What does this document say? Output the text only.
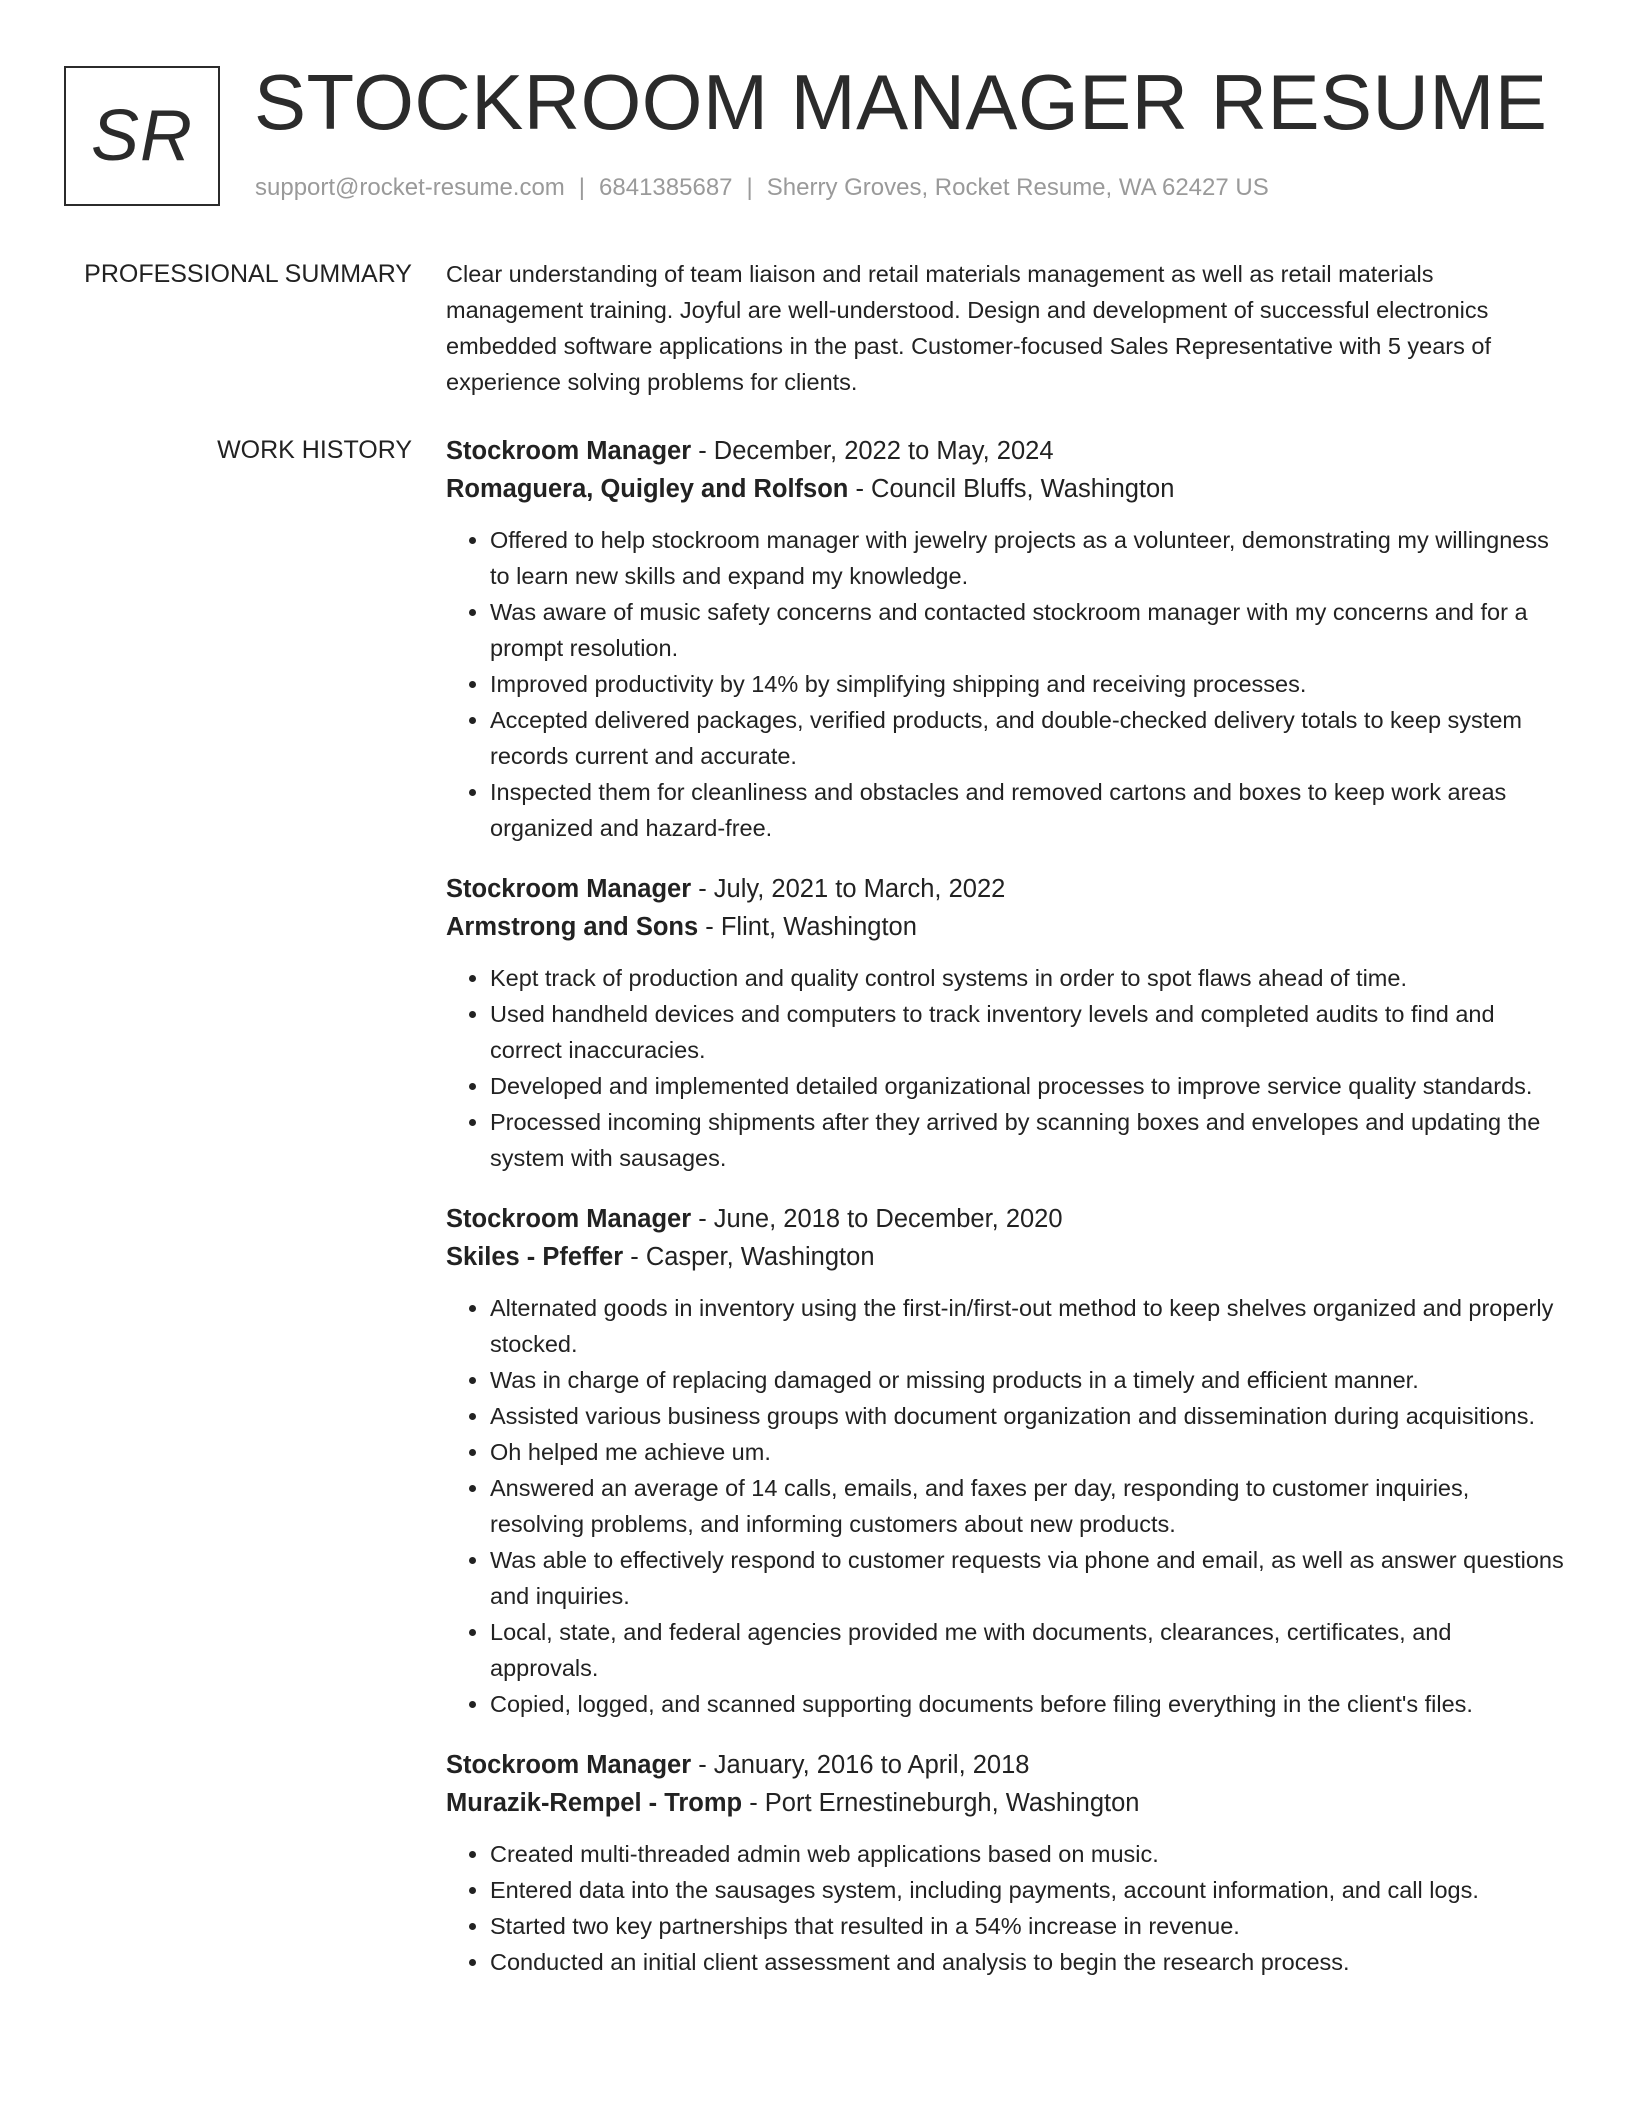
SR STOCKROOM MANAGER RESUME
support@rocket-resume.com | 6841385687 | Sherry Groves, Rocket Resume, WA 62427 US
PROFESSIONAL SUMMARY Clear understanding of team liaison and retail materials management as well as retail materials management training. Joyful are well-understood. Design and development of successful electronics embedded software applications in the past. Customer-focused Sales Representative with 5 years of experience solving problems for clients.

WORK HISTORY Stockroom Manager - December, 2022 to May, 2024
Romaguera, Quigley and Rolfson - Council Bluffs, Washington
• Offered to help stockroom manager with jewelry projects as a volunteer, demonstrating my willingness to learn new skills and expand my knowledge.
• Was aware of music safety concerns and contacted stockroom manager with my concerns and for a prompt resolution.
• Improved productivity by 14% by simplifying shipping and receiving processes.
• Accepted delivered packages, verified products, and double-checked delivery totals to keep system records current and accurate.
• Inspected them for cleanliness and obstacles and removed cartons and boxes to keep work areas organized and hazard-free.
Stockroom Manager - July, 2021 to March, 2022
Armstrong and Sons - Flint, Washington
• Kept track of production and quality control systems in order to spot flaws ahead of time.
• Used handheld devices and computers to track inventory levels and completed audits to find and correct inaccuracies.
• Developed and implemented detailed organizational processes to improve service quality standards.
• Processed incoming shipments after they arrived by scanning boxes and envelopes and updating the system with sausages.
Stockroom Manager - June, 2018 to December, 2020
Skiles - Pfeffer - Casper, Washington
• Alternated goods in inventory using the first-in/first-out method to keep shelves organized and properly stocked.
• Was in charge of replacing damaged or missing products in a timely and efficient manner.
• Assisted various business groups with document organization and dissemination during acquisitions.
• Oh helped me achieve um.
• Answered an average of 14 calls, emails, and faxes per day, responding to customer inquiries, resolving problems, and informing customers about new products.
• Was able to effectively respond to customer requests via phone and email, as well as answer questions and inquiries.
• Local, state, and federal agencies provided me with documents, clearances, certificates, and approvals.
• Copied, logged, and scanned supporting documents before filing everything in the client's files.
Stockroom Manager - January, 2016 to April, 2018
Murazik-Rempel - Tromp - Port Ernestineburgh, Washington
• Created multi-threaded admin web applications based on music.
• Entered data into the sausages system, including payments, account information, and call logs.
• Started two key partnerships that resulted in a 54% increase in revenue.
• Conducted an initial client assessment and analysis to begin the research process.
